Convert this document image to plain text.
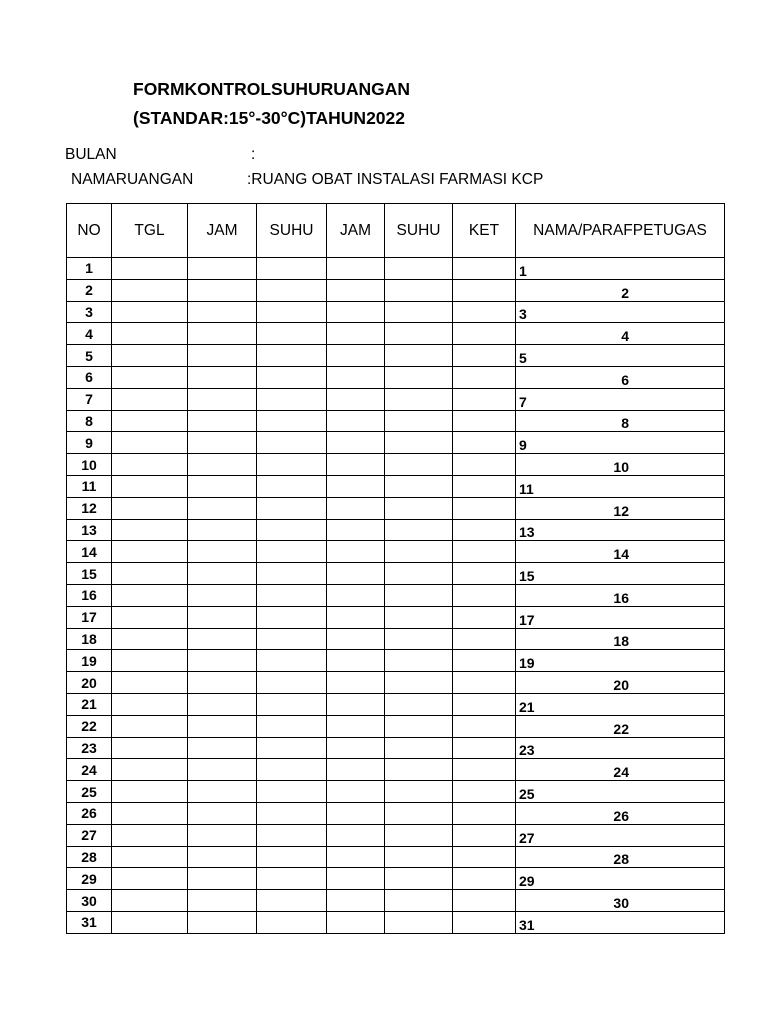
FORMKONTROLSUHURUANGAN
(STANDAR:15°-30°C)TAHUN2022
BULAN	:
NAMARUANGAN	:RUANG OBAT INSTALASI FARMASI KCP
NO	TGL	JAM	SUHU	JAM	SUHU	KET	NAMA/PARAFPETUGAS
1							1
2							2
3							3
4							4
5							5
6							6
7							7
8							8
9							9
10							10
11							11
12							12
13							13
14							14
15							15
16							16
17							17
18							18
19							19
20							20
21							21
22							22
23							23
24							24
25							25
26							26
27							27
28							28
29							29
30							30
31							31
